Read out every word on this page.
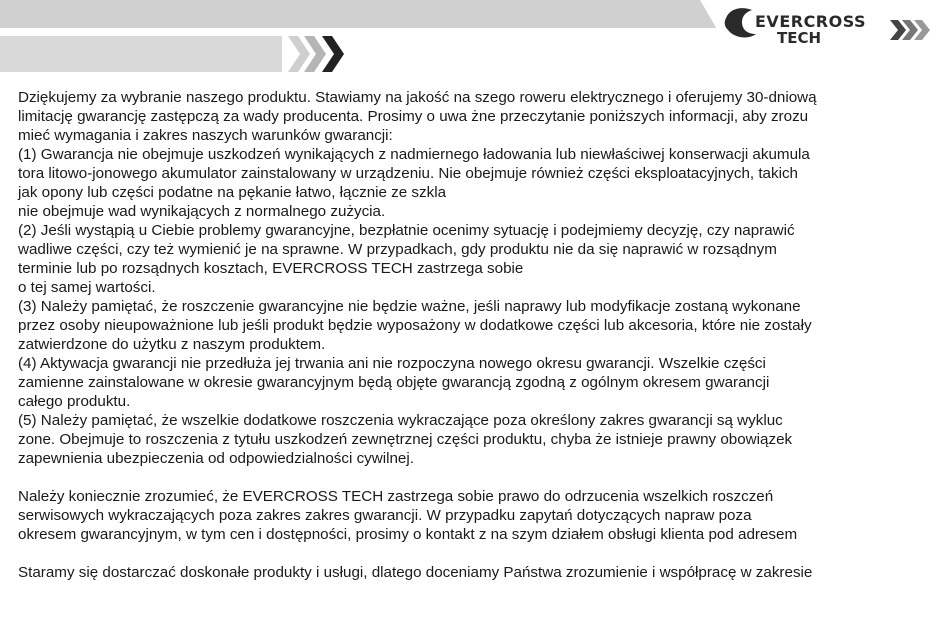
EVERCROSS
TECH
Dziękujemy za wybranie naszego produktu. Stawiamy na jakość na szego roweru elektrycznego i oferujemy 30-dniową
limitację gwarancję zastępczą za wady producenta. Prosimy o uwa żne przeczytanie poniższych informacji, aby zrozu
mieć wymagania i zakres naszych warunków gwarancji:
(1) Gwarancja nie obejmuje uszkodzeń wynikających z nadmiernego ładowania lub niewłaściwej konserwacji akumula
tora litowo-jonowego akumulator zainstalowany w urządzeniu. Nie obejmuje również części eksploatacyjnych, takich
jak opony lub części podatne na pękanie łatwo, łącznie ze szkla
nie obejmuje wad wynikających z normalnego zużycia.
(2) Jeśli wystąpią u Ciebie problemy gwarancyjne, bezpłatnie ocenimy sytuację i podejmiemy decyzję, czy naprawić
wadliwe części, czy też wymienić je na sprawne. W przypadkach, gdy produktu nie da się naprawić w rozsądnym
terminie lub po rozsądnych kosztach, EVERCROSS TECH zastrzega sobie
o tej samej wartości.
(3) Należy pamiętać, że roszczenie gwarancyjne nie będzie ważne, jeśli naprawy lub modyfikacje zostaną wykonane
przez osoby nieupoważnione lub jeśli produkt będzie wyposażony w dodatkowe części lub akcesoria, które nie zostały
zatwierdzone do użytku z naszym produktem.
(4) Aktywacja gwarancji nie przedłuża jej trwania ani nie rozpoczyna nowego okresu gwarancji. Wszelkie części
zamienne zainstalowane w okresie gwarancyjnym będą objęte gwarancją zgodną z ogólnym okresem gwarancji
całego produktu.
(5) Należy pamiętać, że wszelkie dodatkowe roszczenia wykraczające poza określony zakres gwarancji są wykluc
zone. Obejmuje to roszczenia z tytułu uszkodzeń zewnętrznej części produktu, chyba że istnieje prawny obowiązek
zapewnienia ubezpieczenia od odpowiedzialności cywilnej.
Należy koniecznie zrozumieć, że EVERCROSS TECH zastrzega sobie prawo do odrzucenia wszelkich roszczeń
serwisowych wykraczających poza zakres zakres gwarancji. W przypadku zapytań dotyczących napraw poza
okresem gwarancyjnym, w tym cen i dostępności, prosimy o kontakt z na szym działem obsługi klienta pod adresem
Staramy się dostarczać doskonałe produkty i usługi, dlatego doceniamy Państwa zrozumienie i współpracę w zakresie
